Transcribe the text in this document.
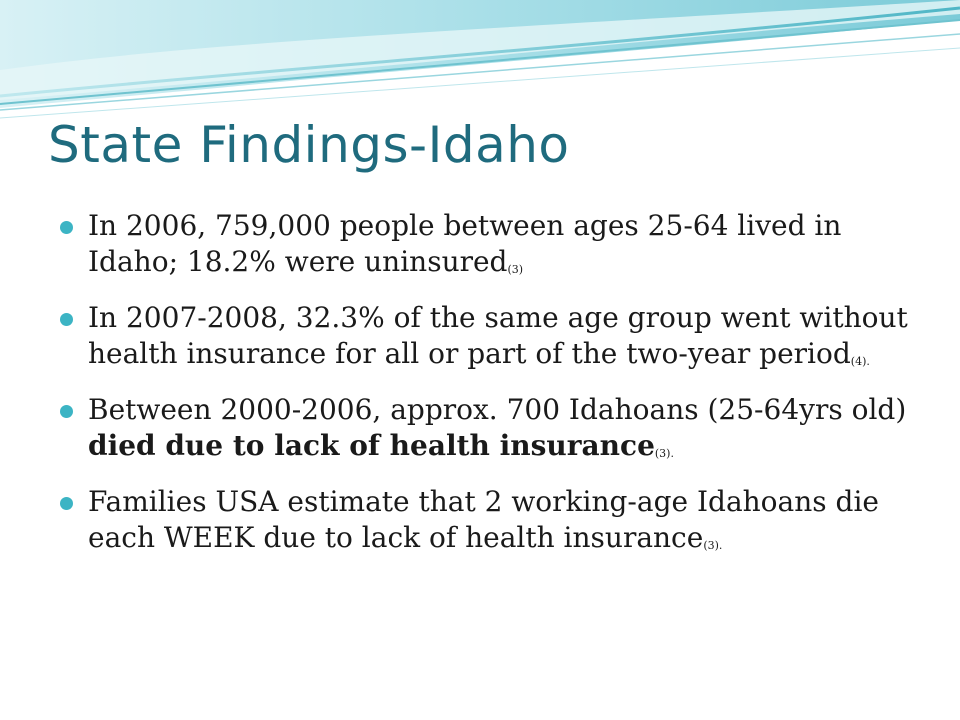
State Findings-Idaho
In 2006, 759,000 people between ages 25-64 lived in Idaho; 18.2% were uninsured(3)
In 2007-2008, 32.3% of the same age group went without health insurance for all or part of the two-year period(4).
Between 2000-2006, approx. 700 Idahoans (25-64yrs old) died due to lack of health insurance(3).
Families USA estimate that 2 working-age Idahoans die each WEEK due to lack of health insurance(3).
